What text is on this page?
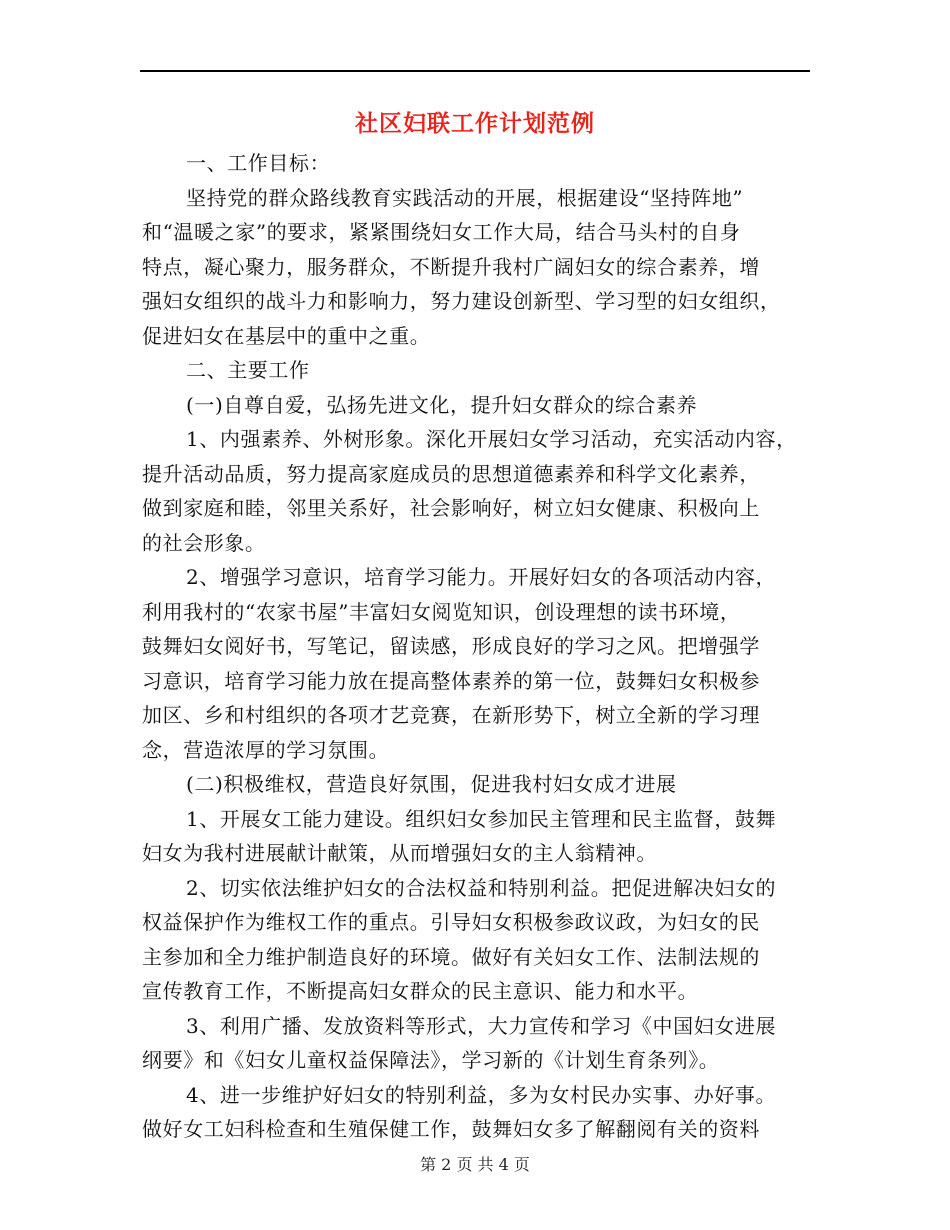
社区妇联工作计划范例
一、工作目标：
坚持党的群众路线教育实践活动的开展，根据建设“坚持阵地”
和“温暖之家”的要求，紧紧围绕妇女工作大局，结合马头村的自身
特点，凝心聚力，服务群众，不断提升我村广阔妇女的综合素养，增
强妇女组织的战斗力和影响力，努力建设创新型、学习型的妇女组织，
促进妇女在基层中的重中之重。
二、主要工作
(一)自尊自爱，弘扬先进文化，提升妇女群众的综合素养
1、内强素养、外树形象。深化开展妇女学习活动，充实活动内容，
提升活动品质，努力提高家庭成员的思想道德素养和科学文化素养，
做到家庭和睦，邻里关系好，社会影响好，树立妇女健康、积极向上
的社会形象。
2、增强学习意识，培育学习能力。开展好妇女的各项活动内容，
利用我村的“农家书屋”丰富妇女阅览知识，创设理想的读书环境，
鼓舞妇女阅好书，写笔记，留读感，形成良好的学习之风。把增强学
习意识，培育学习能力放在提高整体素养的第一位，鼓舞妇女积极参
加区、乡和村组织的各项才艺竞赛，在新形势下，树立全新的学习理
念，营造浓厚的学习氛围。
(二)积极维权，营造良好氛围，促进我村妇女成才进展
1、开展女工能力建设。组织妇女参加民主管理和民主监督，鼓舞
妇女为我村进展献计献策，从而增强妇女的主人翁精神。
2、切实依法维护妇女的合法权益和特别利益。把促进解决妇女的
权益保护作为维权工作的重点。引导妇女积极参政议政，为妇女的民
主参加和全力维护制造良好的环境。做好有关妇女工作、法制法规的
宣传教育工作，不断提高妇女群众的民主意识、能力和水平。
3、利用广播、发放资料等形式，大力宣传和学习《中国妇女进展
纲要》和《妇女儿童权益保障法》，学习新的《计划生育条列》。
4、进一步维护好妇女的特别利益，多为女村民办实事、办好事。
做好女工妇科检查和生殖保健工作，鼓舞妇女多了解翻阅有关的资料
第 2 页 共 4 页
